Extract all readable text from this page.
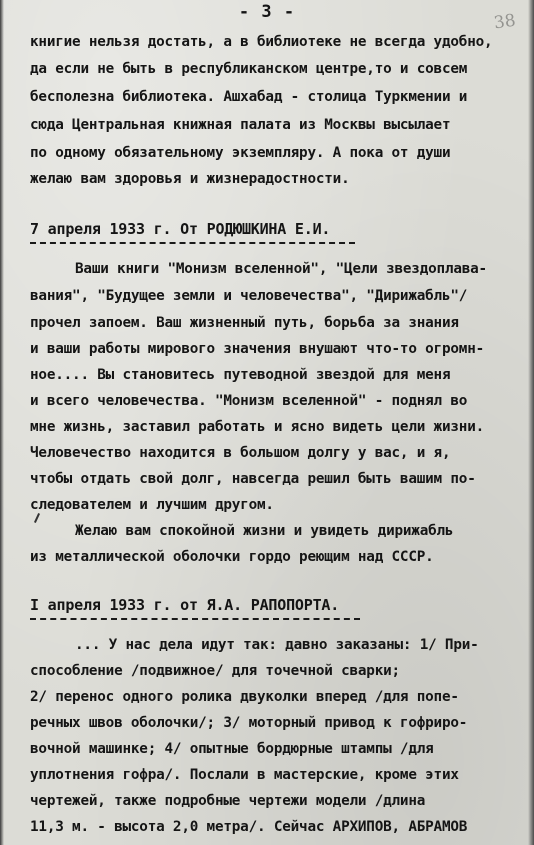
- 3 -	38
книгие нельзя достать, а в библиотеке не всегда удобно,
да если не быть в республиканском центре,то и совсем
бесполезна библиотека. Ашхабад - столица Туркмении и
сюда Центральная книжная палата из Москвы высылает
по одному обязательному экземпляру. А пока от души
желаю вам здоровья и жизнерадостности.
7 апреля 1933 г. От РОДЮШКИНА Е.И.
Ваши книги "Монизм вселенной", "Цели звездоплава-
вания", "Будущее земли и человечества", "Дирижабль"/
прочел запоем. Ваш жизненный путь, борьба за знания
и ваши работы мирового значения внушают что-то огромн-
ное.... Вы становитесь путеводной звездой для меня
и всего человечества. "Монизм вселенной" - поднял во
мне жизнь, заставил работать и ясно видеть цели жизни.
Человечество находится в большом долгу у вас, и я,
чтобы отдать свой долг, навсегда решил быть вашим по-
следователем и лучшим другом.
Желаю вам спокойной жизни и увидеть дирижабль
из металлической оболочки гордо реющим над СССР.
I апреля 1933 г. от Я.А. РАПОПОРТА.
... У нас дела идут так: давно заказаны: 1/ При-
способление /подвижное/ для точечной сварки;
2/ перенос одного ролика двуколки вперед /для попе-
речных швов оболочки/; 3/ моторный привод к гофриро-
вочной машинке; 4/ опытные бордюрные штампы /для
уплотнения гофра/. Послали в мастерские, кроме этих
чертежей, также подробные чертежи модели /длина
11,3 м. - высота 2,0 метра/. Сейчас АРХИПОВ, АБРАМОВ
